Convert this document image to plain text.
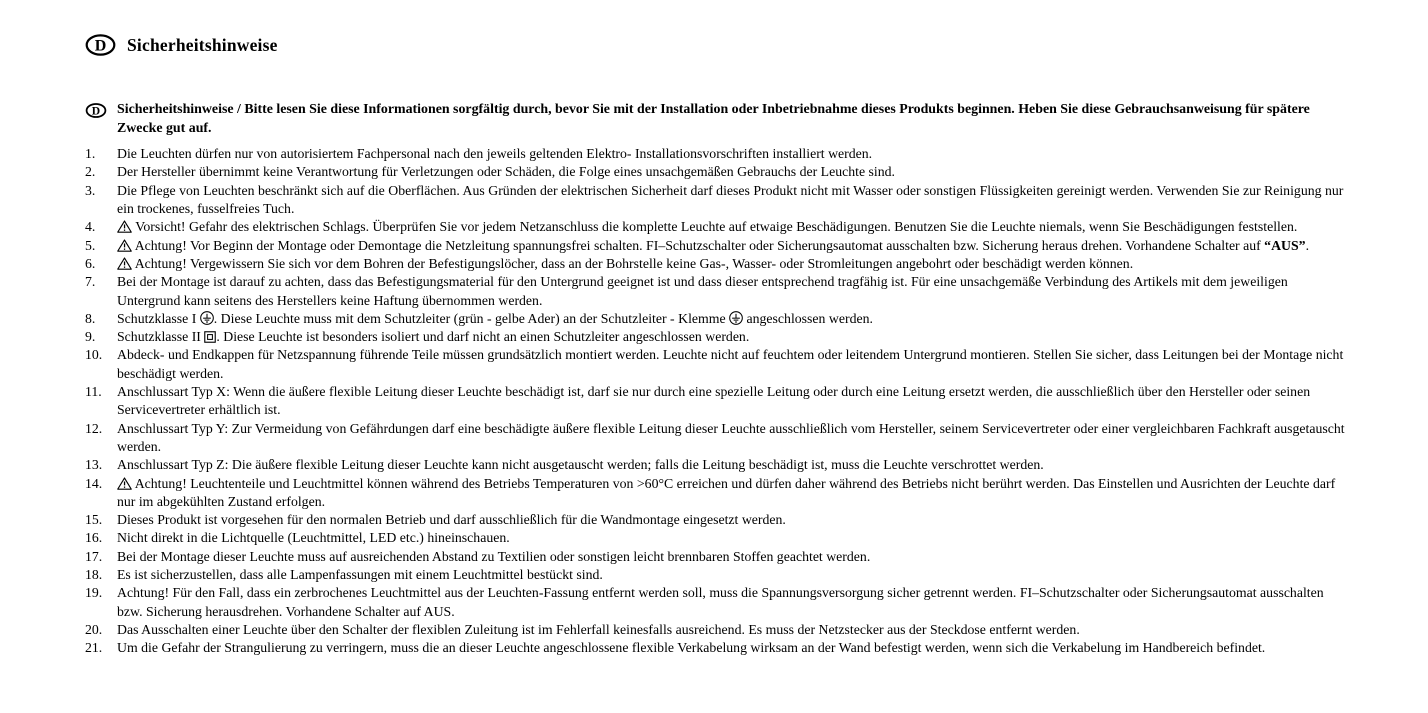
D Sicherheitshinweise
D Sicherheitshinweise / Bitte lesen Sie diese Informationen sorgfältig durch, bevor Sie mit der Installation oder Inbetriebnahme dieses Produkts beginnen. Heben Sie diese Gebrauchsanweisung für spätere Zwecke gut auf.

1.	Die Leuchten dürfen nur von autorisiertem Fachpersonal nach den jeweils geltenden Elektro- Installationsvorschriften installiert werden.
2.	Der Hersteller übernimmt keine Verantwortung für Verletzungen oder Schäden, die Folge eines unsachgemäßen Gebrauchs der Leuchte sind.
3.	Die Pflege von Leuchten beschränkt sich auf die Oberflächen. Aus Gründen der elektrischen Sicherheit darf dieses Produkt nicht mit Wasser oder sonstigen Flüssigkeiten gereinigt werden. Verwenden Sie zur Reinigung nur ein trockenes, fusselfreies Tuch.
4.	Vorsicht! Gefahr des elektrischen Schlags. Überprüfen Sie vor jedem Netzanschluss die komplette Leuchte auf etwaige Beschädigungen. Benutzen Sie die Leuchte niemals, wenn Sie Beschädigungen feststellen.
5.	Achtung! Vor Beginn der Montage oder Demontage die Netzleitung spannungsfrei schalten. FI–Schutzschalter oder Sicherungsautomat ausschalten bzw. Sicherung heraus drehen. Vorhandene Schalter auf “AUS”.
6.	Achtung! Vergewissern Sie sich vor dem Bohren der Befestigungslöcher, dass an der Bohrstelle keine Gas-, Wasser- oder Stromleitungen angebohrt oder beschädigt werden können.
7.	Bei der Montage ist darauf zu achten, dass das Befestigungsmaterial für den Untergrund geeignet ist und dass dieser entsprechend tragfähig ist. Für eine unsachgemäße Verbindung des Artikels mit dem jeweiligen Untergrund kann seitens des Herstellers keine Haftung übernommen werden.
8.	Schutzklasse I . Diese Leuchte muss mit dem Schutzleiter (grün - gelbe Ader) an der Schutzleiter - Klemme  angeschlossen werden.
9.	Schutzklasse II . Diese Leuchte ist besonders isoliert und darf nicht an einen Schutzleiter angeschlossen werden.
10.	Abdeck- und Endkappen für Netzspannung führende Teile müssen grundsätzlich montiert werden. Leuchte nicht auf feuchtem oder leitendem Untergrund montieren. Stellen Sie sicher, dass Leitungen bei der Montage nicht beschädigt werden.
11.	Anschlussart Typ X: Wenn die äußere flexible Leitung dieser Leuchte beschädigt ist, darf sie nur durch eine spezielle Leitung oder durch eine Leitung ersetzt werden, die ausschließlich über den Hersteller oder seinen Servicevertreter erhältlich ist.
12.	Anschlussart Typ Y: Zur Vermeidung von Gefährdungen darf eine beschädigte äußere flexible Leitung dieser Leuchte ausschließlich vom Hersteller, seinem Servicevertreter oder einer vergleichbaren Fachkraft ausgetauscht werden.
13.	Anschlussart Typ Z: Die äußere flexible Leitung dieser Leuchte kann nicht ausgetauscht werden; falls die Leitung beschädigt ist, muss die Leuchte verschrottet werden.
14.	Achtung! Leuchtenteile und Leuchtmittel können während des Betriebs Temperaturen von >60°C erreichen und dürfen daher während des Betriebs nicht berührt werden. Das Einstellen und Ausrichten der Leuchte darf nur im abgekühlten Zustand erfolgen.
15.	Dieses Produkt ist vorgesehen für den normalen Betrieb und darf ausschließlich für die Wandmontage eingesetzt werden.
16.	Nicht direkt in die Lichtquelle (Leuchtmittel, LED etc.) hineinschauen.
17.	Bei der Montage dieser Leuchte muss auf ausreichenden Abstand zu Textilien oder sonstigen leicht brennbaren Stoffen geachtet werden.
18.	Es ist sicherzustellen, dass alle Lampenfassungen mit einem Leuchtmittel bestückt sind.
19.	Achtung! Für den Fall, dass ein zerbrochenes Leuchtmittel aus der Leuchten-Fassung entfernt werden soll, muss die Spannungsversorgung sicher getrennt werden. FI–Schutzschalter oder Sicherungsautomat ausschalten bzw. Sicherung herausdrehen. Vorhandene Schalter auf AUS.
20.	Das Ausschalten einer Leuchte über den Schalter der flexiblen Zuleitung ist im Fehlerfall keinesfalls ausreichend. Es muss der Netzstecker aus der Steckdose entfernt werden.
21.	Um die Gefahr der Strangulierung zu verringern, muss die an dieser Leuchte angeschlossene flexible Verkabelung wirksam an der Wand befestigt werden, wenn sich die Verkabelung im Handbereich befindet.
